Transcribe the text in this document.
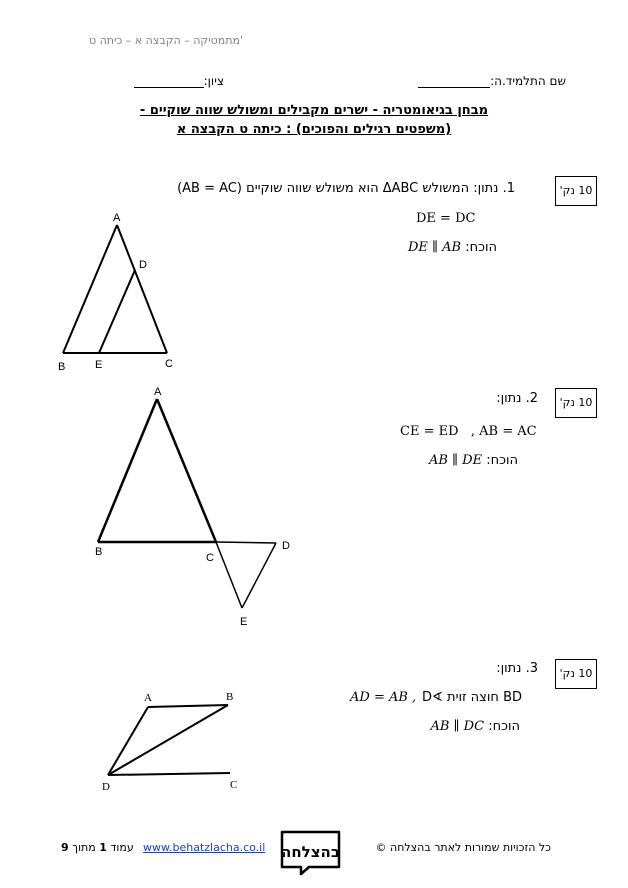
מתמטיקה – הקבצה א – כיתה ט'
שם התלמיד.ה:
ציון:
מבחן בגיאומטריה - ישרים מקבילים ומשולש שווה שוקיים -
(משפטים רגילים והפוכים) : כיתה ט הקבצה א
10 נק'
1. נתון: המשולש ΔABC הוא משולש שווה שוקיים (AB = AC)
DE = DC
הוכח: DE ∥ AB
A
D
B	E	C
10 נק'
2. נתון:
CE = ED   , AB = AC
הוכח: AB ∥ DE
A
B	C
D
E
10 נק'
3. נתון:
AD = AB , BD חוצה זוית ∢D
הוכח: AB ∥ DC
A	B
D	C
עמוד 1 מתוך 9	www.behatzlacha.co.il בהצלחה	כל הזכויות שמורות לאתר בהצלחה ©
